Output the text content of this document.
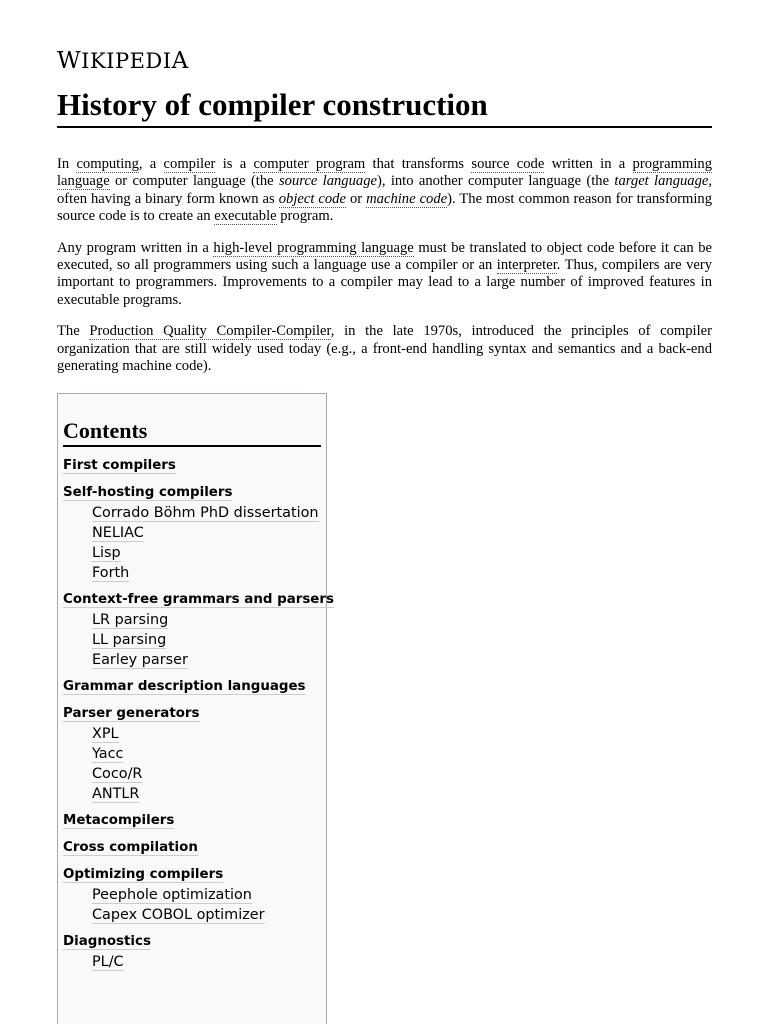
WIKIPEDIA
History of compiler construction

In computing, a compiler is a computer program that transforms source code written in a programming language or computer language (the source language), into another computer language (the target language, often having a binary form known as object code or machine code). The most common reason for transforming source code is to create an executable program.

Any program written in a high-level programming language must be translated to object code before it can be executed, so all programmers using such a language use a compiler or an interpreter. Thus, compilers are very important to programmers. Improvements to a compiler may lead to a large number of improved features in executable programs.

The Production Quality Compiler-Compiler, in the late 1970s, introduced the principles of compiler organization that are still widely used today (e.g., a front-end handling syntax and semantics and a back-end generating machine code).

Contents
First compilers
Self-hosting compilers
Corrado Böhm PhD dissertation
NELIAC
Lisp
Forth
Context-free grammars and parsers
LR parsing
LL parsing
Earley parser
Grammar description languages
Parser generators
XPL
Yacc
Coco/R
ANTLR
Metacompilers
Cross compilation
Optimizing compilers
Peephole optimization
Capex COBOL optimizer
Diagnostics
PL/C
